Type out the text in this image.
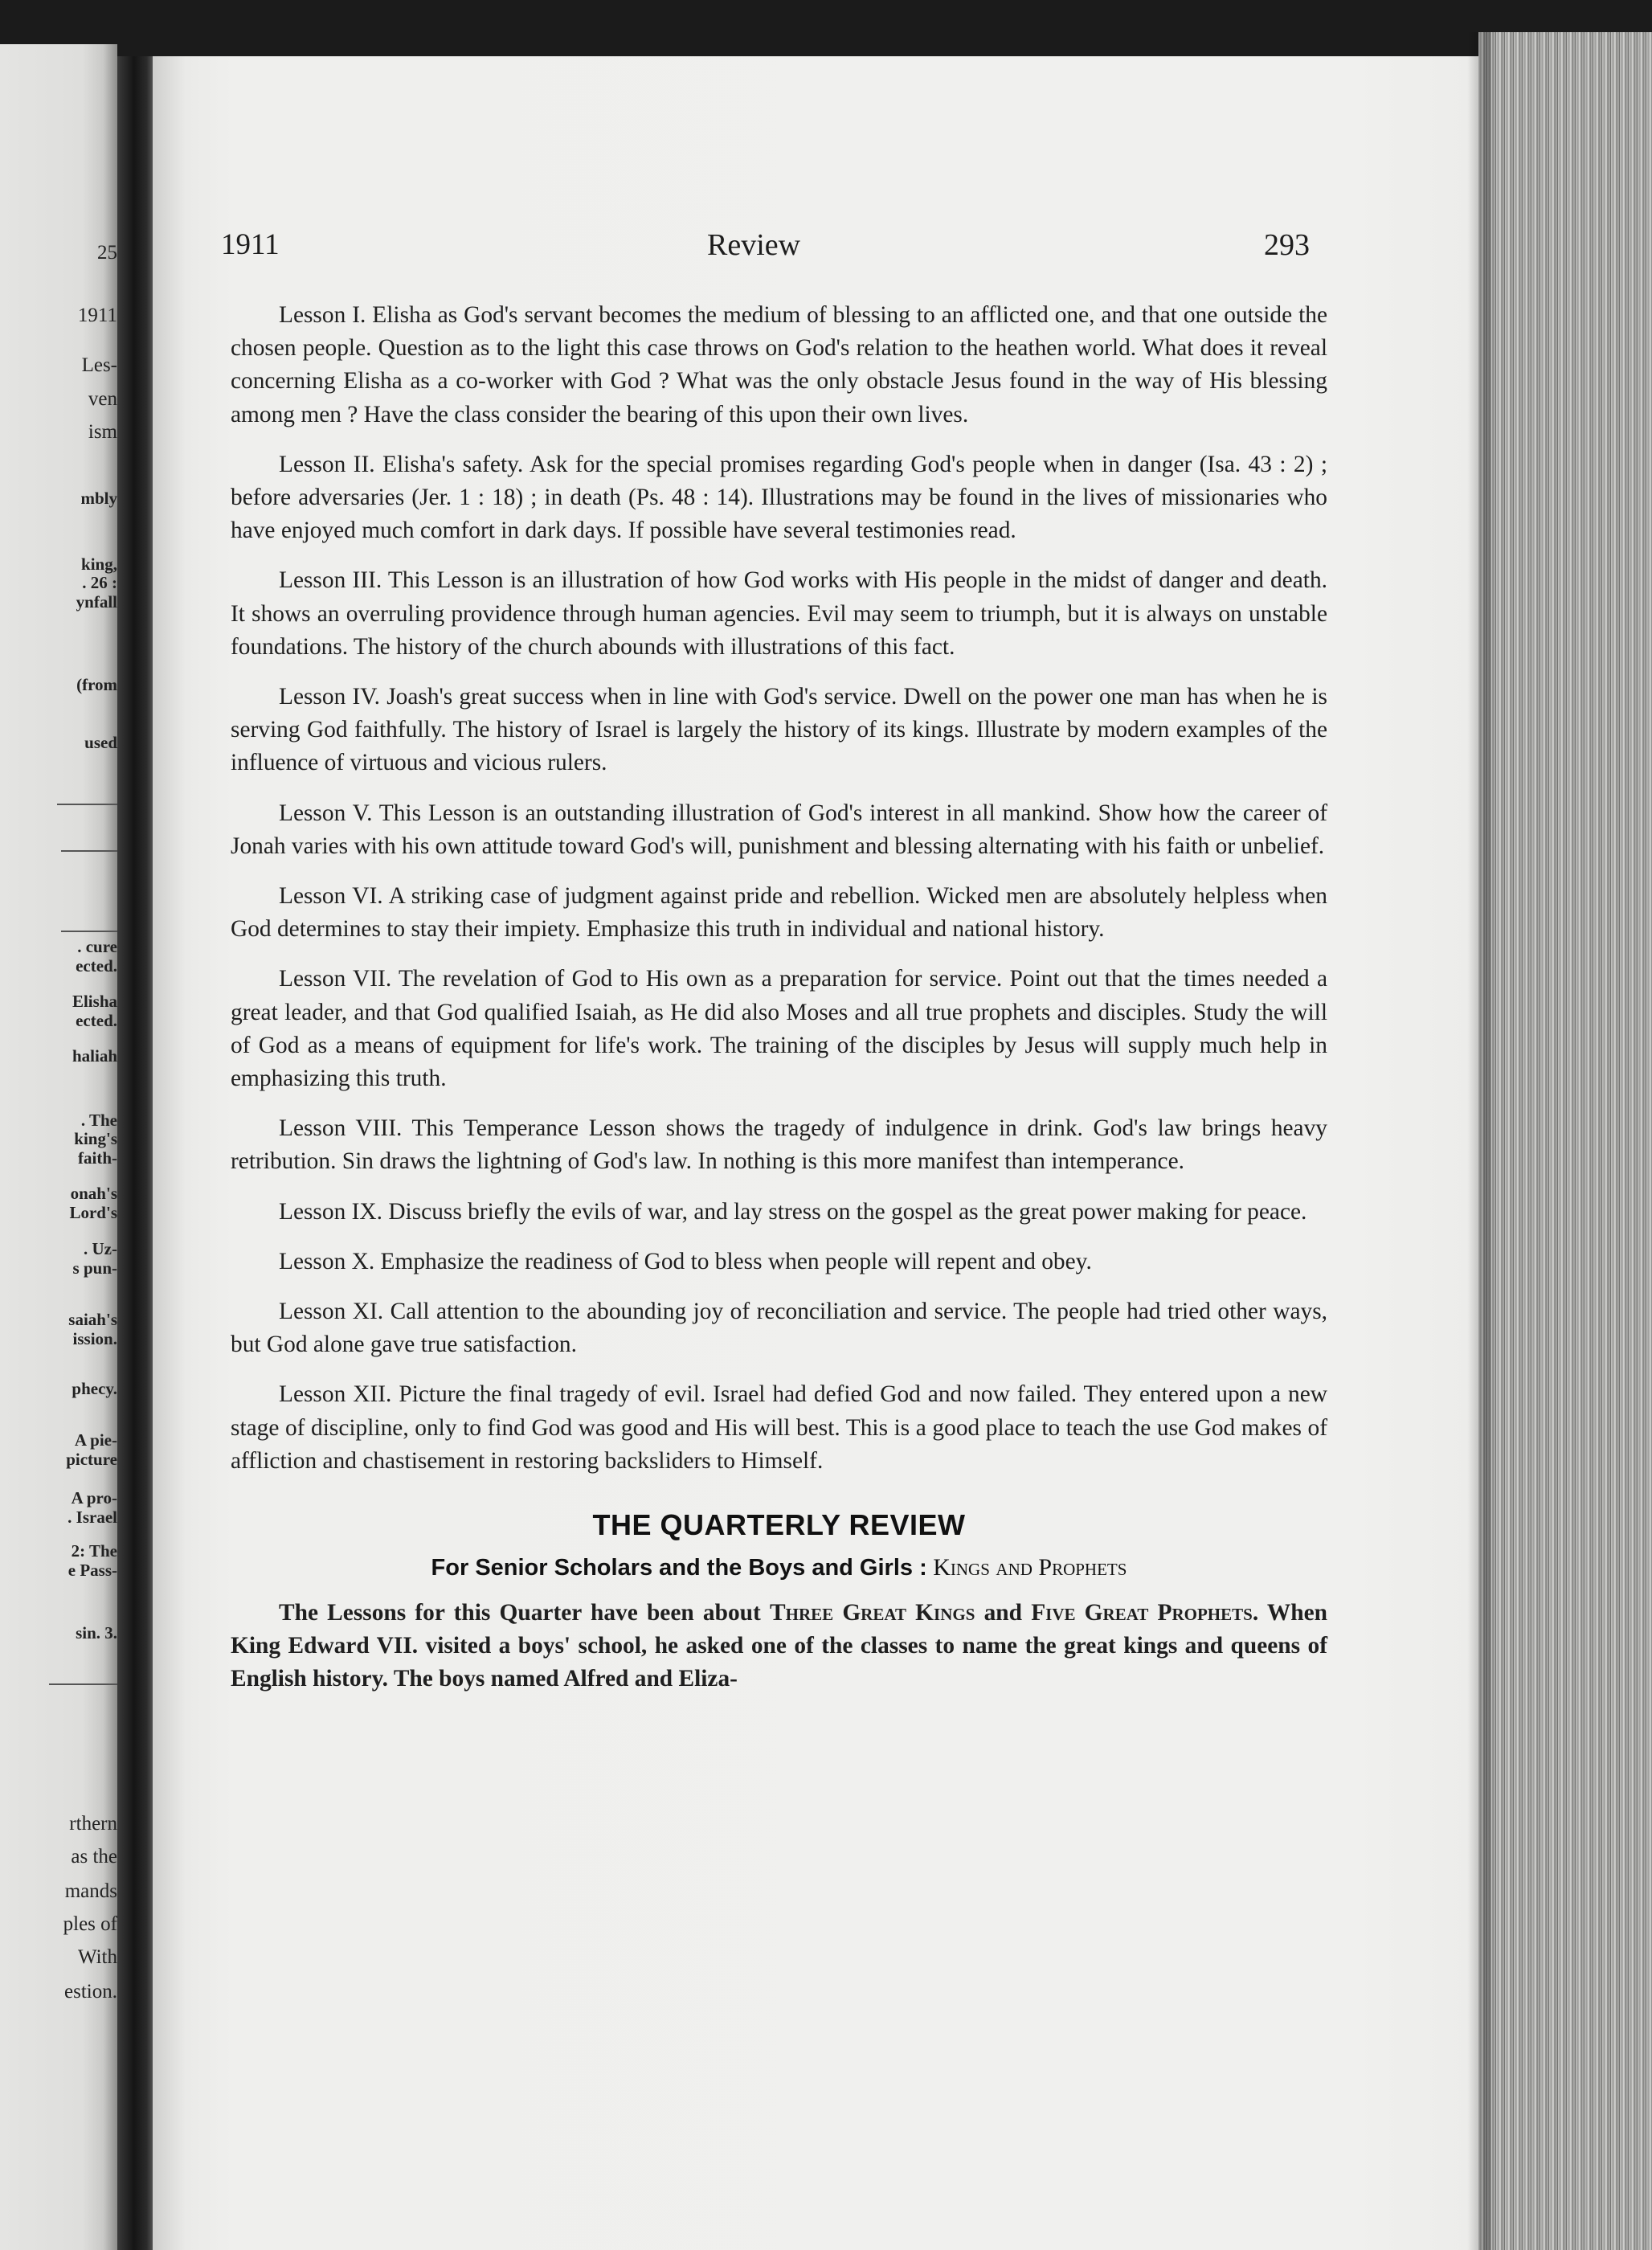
25
1911
Les-
ven
ism
mbly
king,
. 26 :
ynfall
(from
used
. cure
ected.
Elisha
ected.
haliah
. The
king's
faith-
onah's
Lord's
. Uz-
s pun-
saiah's
ission.
phecy.
A pie-
picture
A pro-
. Israel
2: The
e Pass-
sin. 3.
rthern
as the
mands
ples of
With
estion.
1911	Review	293

Lesson I. Elisha as God's servant becomes the medium of blessing to an afflicted one, and that one outside the chosen people. Question as to the light this case throws on God's relation to the heathen world. What does it reveal concerning Elisha as a co-worker with God ? What was the only obstacle Jesus found in the way of His blessing among men ? Have the class consider the bearing of this upon their own lives.

Lesson II. Elisha's safety. Ask for the special promises regarding God's people when in danger (Isa. 43 : 2) ; before adversaries (Jer. 1 : 18) ; in death (Ps. 48 : 14). Illustrations may be found in the lives of missionaries who have enjoyed much comfort in dark days. If possible have several testimonies read.

Lesson III. This Lesson is an illustration of how God works with His people in the midst of danger and death. It shows an overruling providence through human agencies. Evil may seem to triumph, but it is always on unstable foundations. The history of the church abounds with illustrations of this fact.

Lesson IV. Joash's great success when in line with God's service. Dwell on the power one man has when he is serving God faithfully. The history of Israel is largely the history of its kings. Illustrate by modern examples of the influence of virtuous and vicious rulers.

Lesson V. This Lesson is an outstanding illustration of God's interest in all mankind. Show how the career of Jonah varies with his own attitude toward God's will, punishment and blessing alternating with his faith or unbelief.

Lesson VI. A striking case of judgment against pride and rebellion. Wicked men are absolutely helpless when God determines to stay their impiety. Emphasize this truth in individual and national history.

Lesson VII. The revelation of God to His own as a preparation for service. Point out that the times needed a great leader, and that God qualified Isaiah, as He did also Moses and all true prophets and disciples. Study the will of God as a means of equipment for life's work. The training of the disciples by Jesus will supply much help in emphasizing this truth.

Lesson VIII. This Temperance Lesson shows the tragedy of indulgence in drink. God's law brings heavy retribution. Sin draws the lightning of God's law. In nothing is this more manifest than intemperance.

Lesson IX. Discuss briefly the evils of war, and lay stress on the gospel as the great power making for peace.

Lesson X. Emphasize the readiness of God to bless when people will repent and obey.

Lesson XI. Call attention to the abounding joy of reconciliation and service. The people had tried other ways, but God alone gave true satisfaction.

Lesson XII. Picture the final tragedy of evil. Israel had defied God and now failed. They entered upon a new stage of discipline, only to find God was good and His will best. This is a good place to teach the use God makes of affliction and chastisement in restoring backsliders to Himself.

THE QUARTERLY REVIEW
For Senior Scholars and the Boys and Girls : Kings and Prophets

The Lessons for this Quarter have been about Three Great Kings and Five Great Prophets. When King Edward VII. visited a boys' school, he asked one of the classes to name the great kings and queens of English history. The boys named Alfred and Eliza-
